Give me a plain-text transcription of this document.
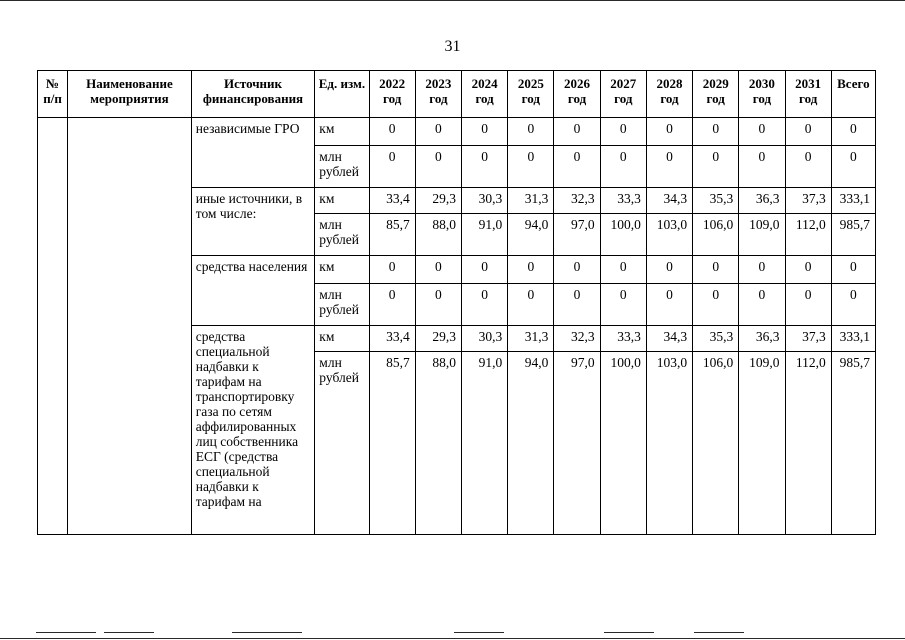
31
№ п/п	Наименование мероприятия	Источник финансирования	Ед. изм.	2022 год	2023 год	2024 год	2025 год	2026 год	2027 год	2028 год	2029 год	2030 год	2031 год	Всего
		независимые ГРО	км	0	0	0	0	0	0	0	0	0	0	0
			млн рублей	0	0	0	0	0	0	0	0	0	0	0
		иные источники, в том числе:	км	33,4	29,3	30,3	31,3	32,3	33,3	34,3	35,3	36,3	37,3	333,1
			млн рублей	85,7	88,0	91,0	94,0	97,0	100,0	103,0	106,0	109,0	112,0	985,7
		средства населения	км	0	0	0	0	0	0	0	0	0	0	0
			млн рублей	0	0	0	0	0	0	0	0	0	0	0
		средства специальной надбавки к тарифам на транспортировку газа по сетям аффилированных лиц собственника ЕСГ (средства специальной надбавки к тарифам на	км	33,4	29,3	30,3	31,3	32,3	33,3	34,3	35,3	36,3	37,3	333,1
			млн рублей	85,7	88,0	91,0	94,0	97,0	100,0	103,0	106,0	109,0	112,0	985,7
